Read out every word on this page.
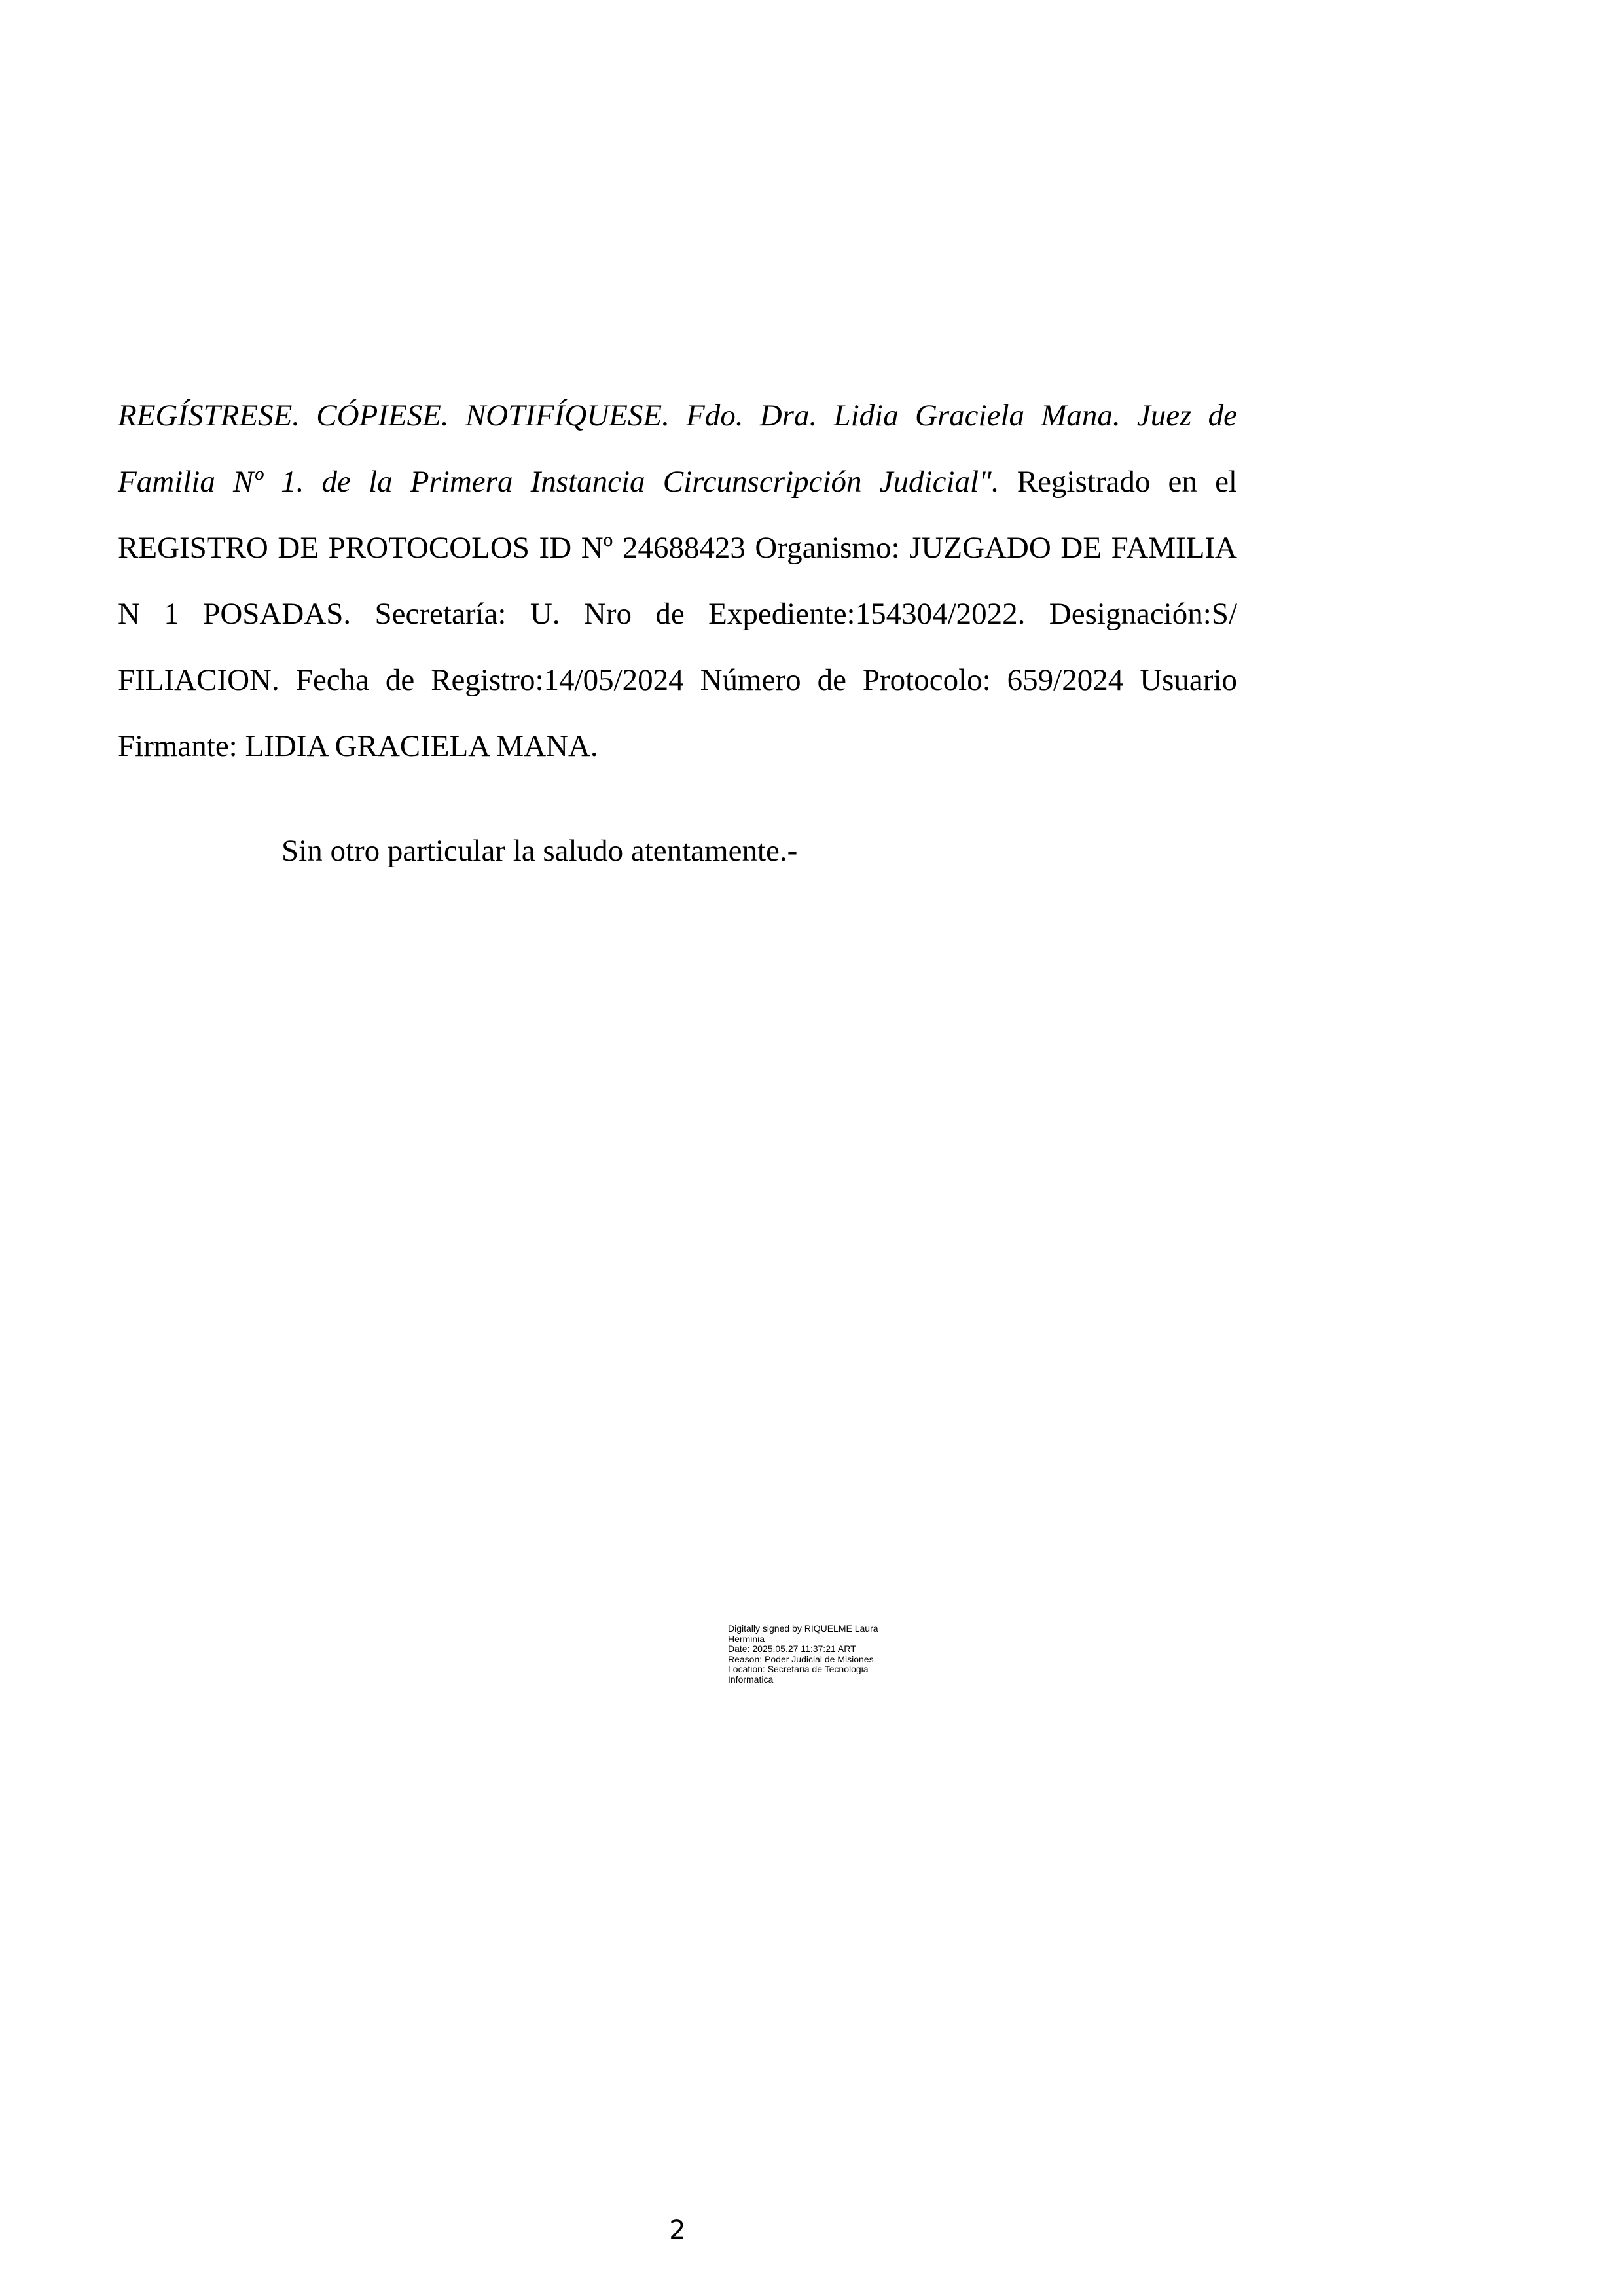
REGÍSTRESE. CÓPIESE. NOTIFÍQUESE. Fdo. Dra. Lidia Graciela Mana. Juez de Familia Nº 1. de la Primera Instancia Circunscripción Judicial". Registrado en el REGISTRO DE PROTOCOLOS ID Nº 24688423 Organismo: JUZGADO DE FAMILIA N 1 POSADAS. Secretaría: U. Nro de Expediente:154304/2022. Designación:S/ FILIACION. Fecha de Registro:14/05/2024 Número de Protocolo: 659/2024 Usuario Firmante: LIDIA GRACIELA MANA.

Sin otro particular la saludo atentamente.-

Digitally signed by RIQUELME Laura
Herminia
Date: 2025.05.27 11:37:21 ART
Reason: Poder Judicial de Misiones
Location: Secretaria de Tecnologia
Informatica
2
